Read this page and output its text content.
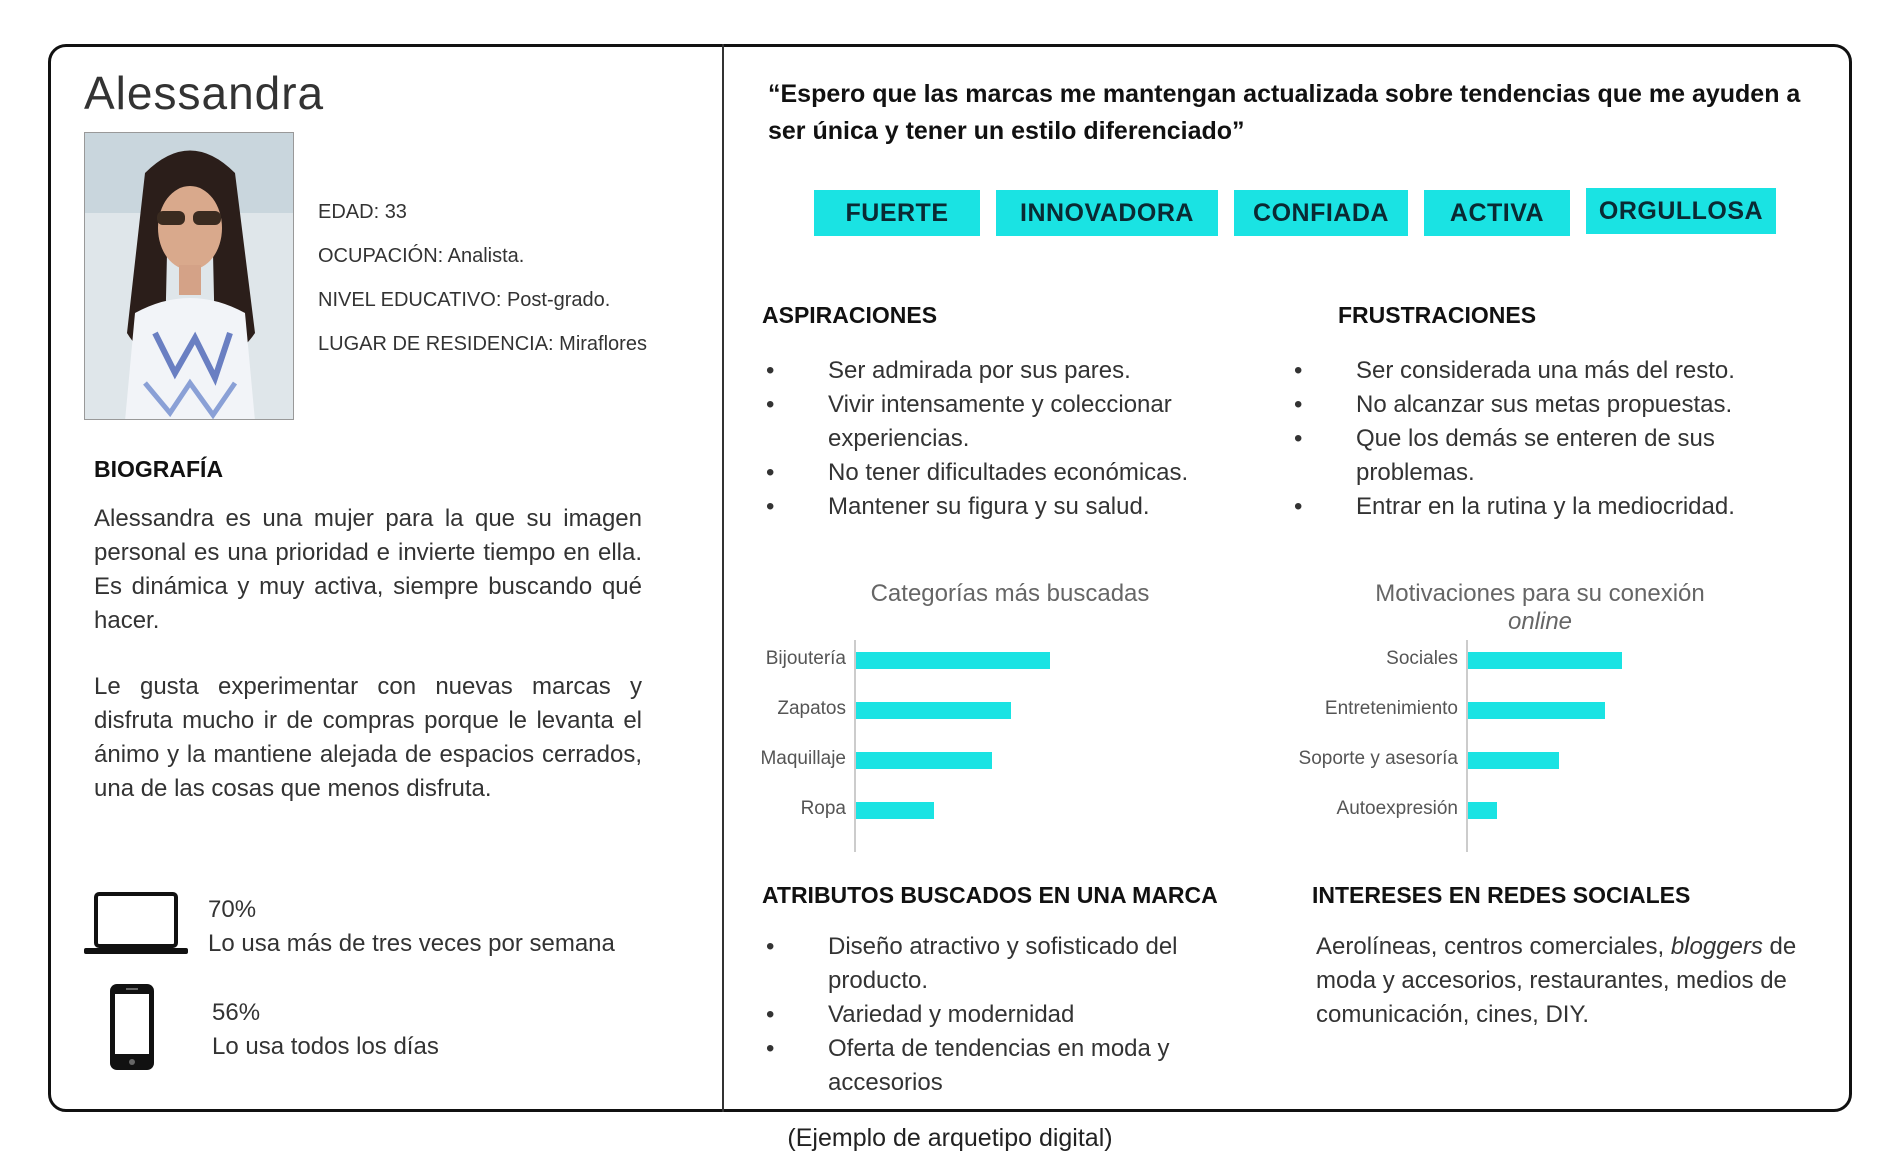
Alessandra
EDAD: 33
OCUPACIÓN: Analista.
NIVEL EDUCATIVO: Post-grado.
LUGAR DE RESIDENCIA: Miraflores
BIOGRAFÍA
Alessandra es una mujer para la que su imagen personal es una prioridad e invierte tiempo en ella. Es dinámica y muy activa, siempre buscando qué hacer.
Le gusta experimentar con nuevas marcas y disfruta mucho ir de compras porque le levanta el ánimo y la mantiene alejada de espacios cerrados, una de las cosas que menos disfruta.
70%
Lo usa más de tres veces por semana
56%
Lo usa todos los días
“Espero que las marcas me mantengan actualizada sobre tendencias que me ayuden a ser única y tener un estilo diferenciado”
FUERTE	INNOVADORA	CONFIADA	ACTIVA	ORGULLOSA
ASPIRACIONES
• Ser admirada por sus pares.
• Vivir intensamente y coleccionar experiencias.
• No tener dificultades económicas.
• Mantener su figura y su salud.
FRUSTRACIONES
• Ser considerada una más del resto.
• No alcanzar sus metas propuestas.
• Que los demás se enteren de sus problemas.
• Entrar en la rutina y la mediocridad.
Categorías más buscadas
Bijoutería
Zapatos
Maquillaje
Ropa
Motivaciones para su conexión
online
Sociales
Entretenimiento
Soporte y asesoría
Autoexpresión
ATRIBUTOS BUSCADOS EN UNA MARCA
• Diseño atractivo y sofisticado del producto.
• Variedad y modernidad
• Oferta de tendencias en moda y accesorios
INTERESES EN REDES SOCIALES
Aerolíneas, centros comerciales, bloggers de moda y accesorios, restaurantes, medios de comunicación, cines, DIY.
(Ejemplo de arquetipo digital)
